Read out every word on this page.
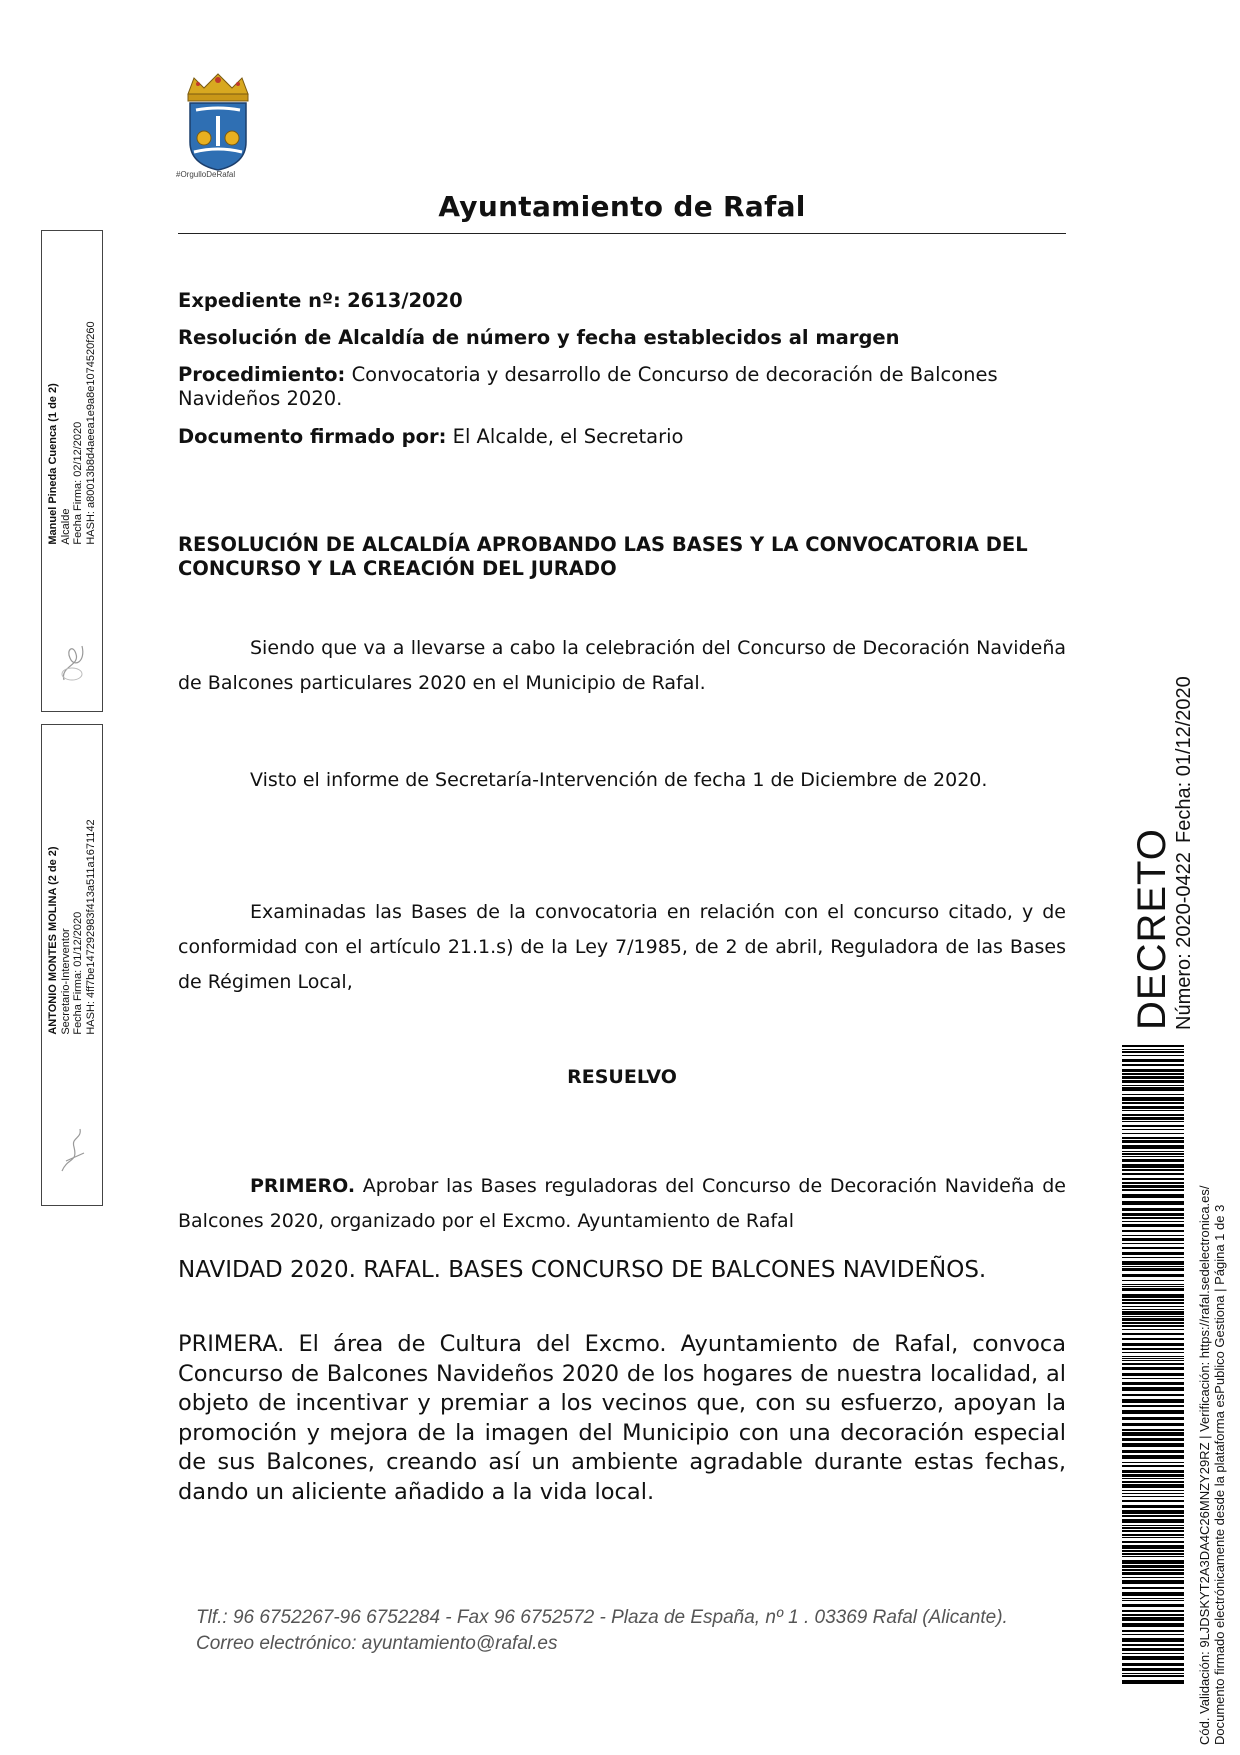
#OrgulloDeRafal
Ayuntamiento de Rafal
Expediente nº: 2613/2020
Resolución de Alcaldía de número y fecha establecidos al margen
Procedimiento: Convocatoria y desarrollo de Concurso de decoración de Balcones Navideños 2020.
Documento firmado por: El Alcalde, el Secretario
RESOLUCIÓN DE ALCALDÍA APROBANDO LAS BASES Y LA CONVOCATORIA DEL CONCURSO Y LA CREACIÓN DEL JURADO
Siendo que va a llevarse a cabo la celebración del Concurso de Decoración Navideña de Balcones particulares 2020 en el Municipio de Rafal.
Visto el informe de Secretaría-Intervención de fecha 1 de Diciembre de 2020.
Examinadas las Bases de la convocatoria en relación con el concurso citado, y de conformidad con el artículo 21.1.s) de la Ley 7/1985, de 2 de abril, Reguladora de las Bases de Régimen Local,
RESUELVO
PRIMERO. Aprobar las Bases reguladoras del Concurso de Decoración Navideña de Balcones 2020, organizado por el Excmo. Ayuntamiento de Rafal
NAVIDAD 2020. RAFAL. BASES CONCURSO DE BALCONES NAVIDEÑOS.
PRIMERA. El área de Cultura del Excmo. Ayuntamiento de Rafal, convoca Concurso de Balcones Navideños 2020 de los hogares de nuestra localidad, al objeto de incentivar y premiar a los vecinos que, con su esfuerzo, apoyan la promoción y mejora de la imagen del Municipio con una decoración especial de sus Balcones, creando así un ambiente agradable durante estas fechas, dando un aliciente añadido a la vida local.
Tlf.: 96 6752267-96 6752284 - Fax 96 6752572 - Plaza de España, nº 1 . 03369 Rafal (Alicante).
Correo electrónico: ayuntamiento@rafal.es
Manuel Pineda Cuenca (1 de 2) Alcalde Fecha Firma: 02/12/2020 HASH: a80013b8d4aeea1e9a8e1074520f260
ANTONIO MONTES MOLINA (2 de 2) Secretario-Interventor Fecha Firma: 01/12/2020 HASH: 4ff7be147292983f413a511a1671142	DECRETO Número: 2020-0422
Fecha: 01/12/2020
Cód. Validación: 9LJDSKYT2A3DA4C26MNZY29RZ | Verificación: https://rafal.sedelectronica.es/ Documento firmado electrónicamente desde la plataforma esPublico Gestiona | Página 1 de 3
